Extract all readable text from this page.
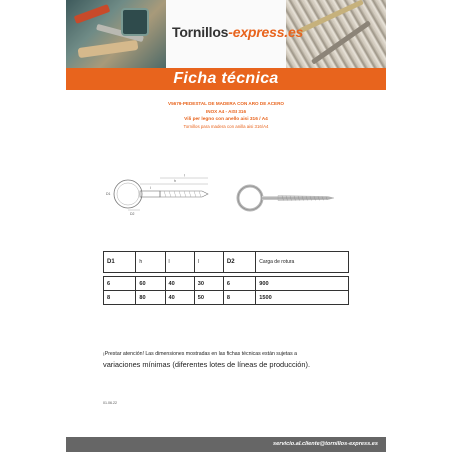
Tornillos-express.es
Ficha técnica
V5679-PEDESTAL DE MADERA CON ARO DE ACERO
INOX A4 - AISI 316
Vili per legno con anello aisi 316 / A4
Tornillos para madera con anilla aisi 316/A4
h
l
l
D1
D2
D1	h	l	l	D2	Carga de rotura

6	60	40	30	6	900
8	80	40	50	8	1500
¡Prestar atención! Las dimensiones mostradas en las fichas técnicas están sujetas a
variaciones mínimas (diferentes lotes de líneas de producción).
01.06.22
servicio.al.cliente@tornillos-express.es
